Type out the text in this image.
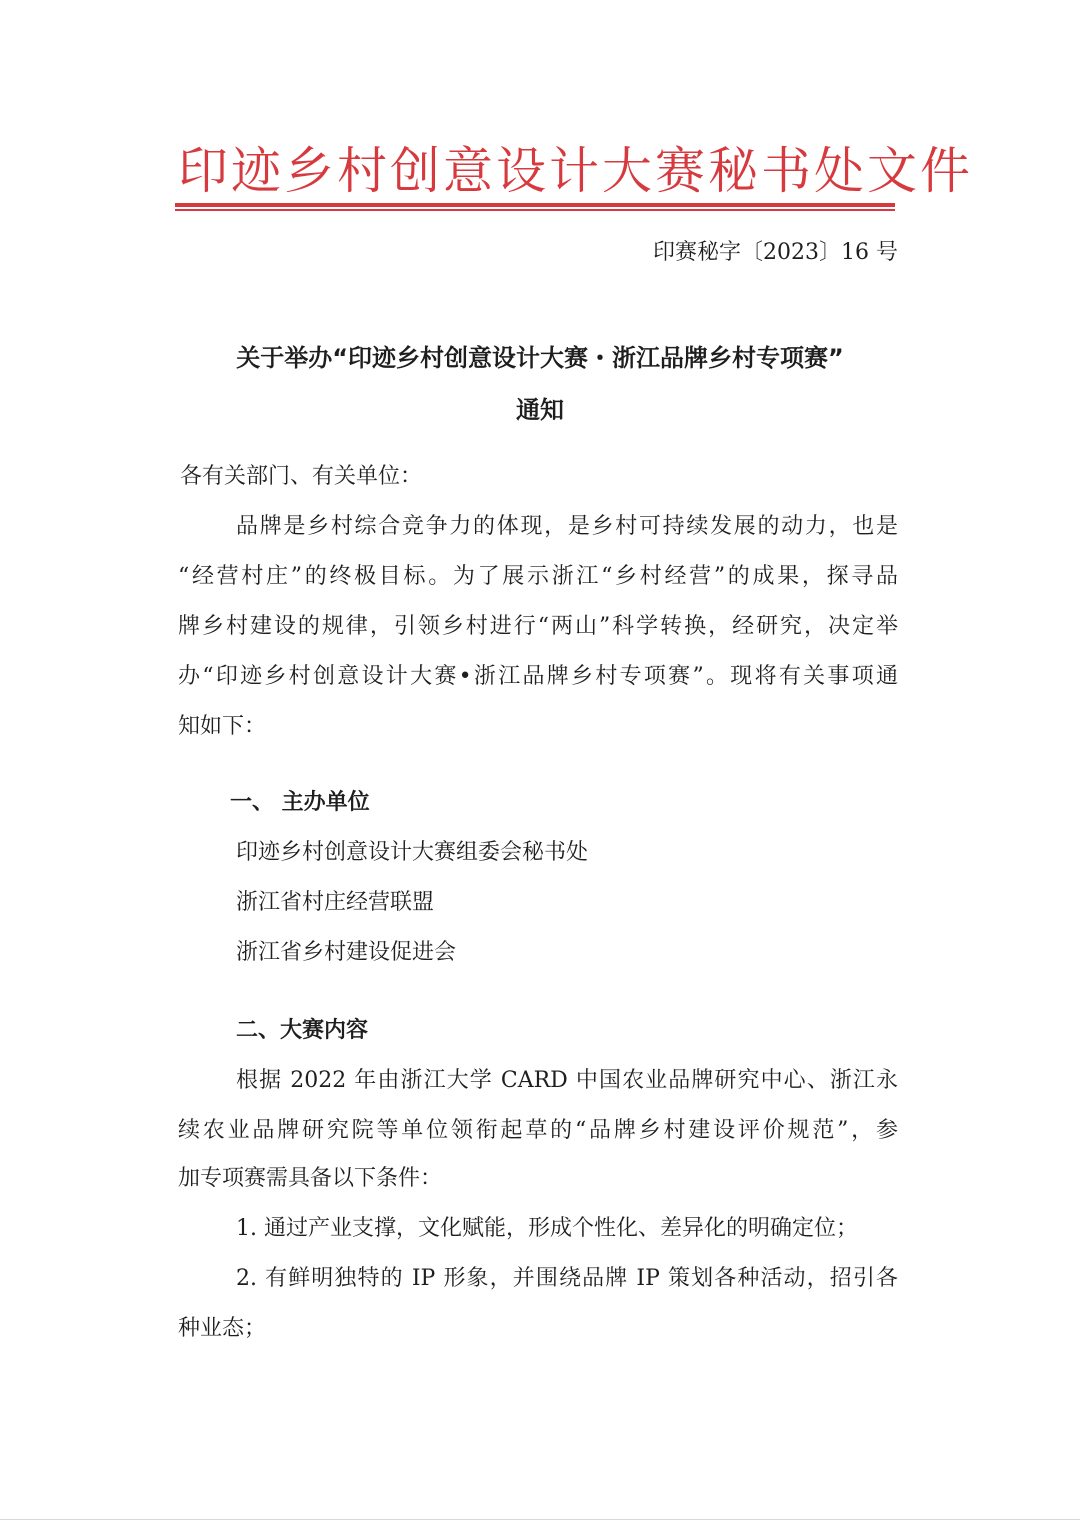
印迹乡村创意设计大赛秘书处文件
印赛秘字〔2023〕16 号
关于举办“印迹乡村创意设计大赛・浙江品牌乡村专项赛”
通知
各有关部门、有关单位：
品牌是乡村综合竞争力的体现，是乡村可持续发展的动力，也是
“经营村庄”的终极目标。为了展示浙江“乡村经营”的成果，探寻品
牌乡村建设的规律，引领乡村进行“两山”科学转换，经研究，决定举
办“印迹乡村创意设计大赛•浙江品牌乡村专项赛”。现将有关事项通
知如下：
一、 主办单位
印迹乡村创意设计大赛组委会秘书处
浙江省村庄经营联盟
浙江省乡村建设促进会
二、大赛内容
根据 2022 年由浙江大学 CARD 中国农业品牌研究中心、浙江永
续农业品牌研究院等单位领衔起草的“品牌乡村建设评价规范”，参
加专项赛需具备以下条件：
1. 通过产业支撑，文化赋能，形成个性化、差异化的明确定位；
2. 有鲜明独特的 IP 形象，并围绕品牌 IP 策划各种活动，招引各
种业态；
